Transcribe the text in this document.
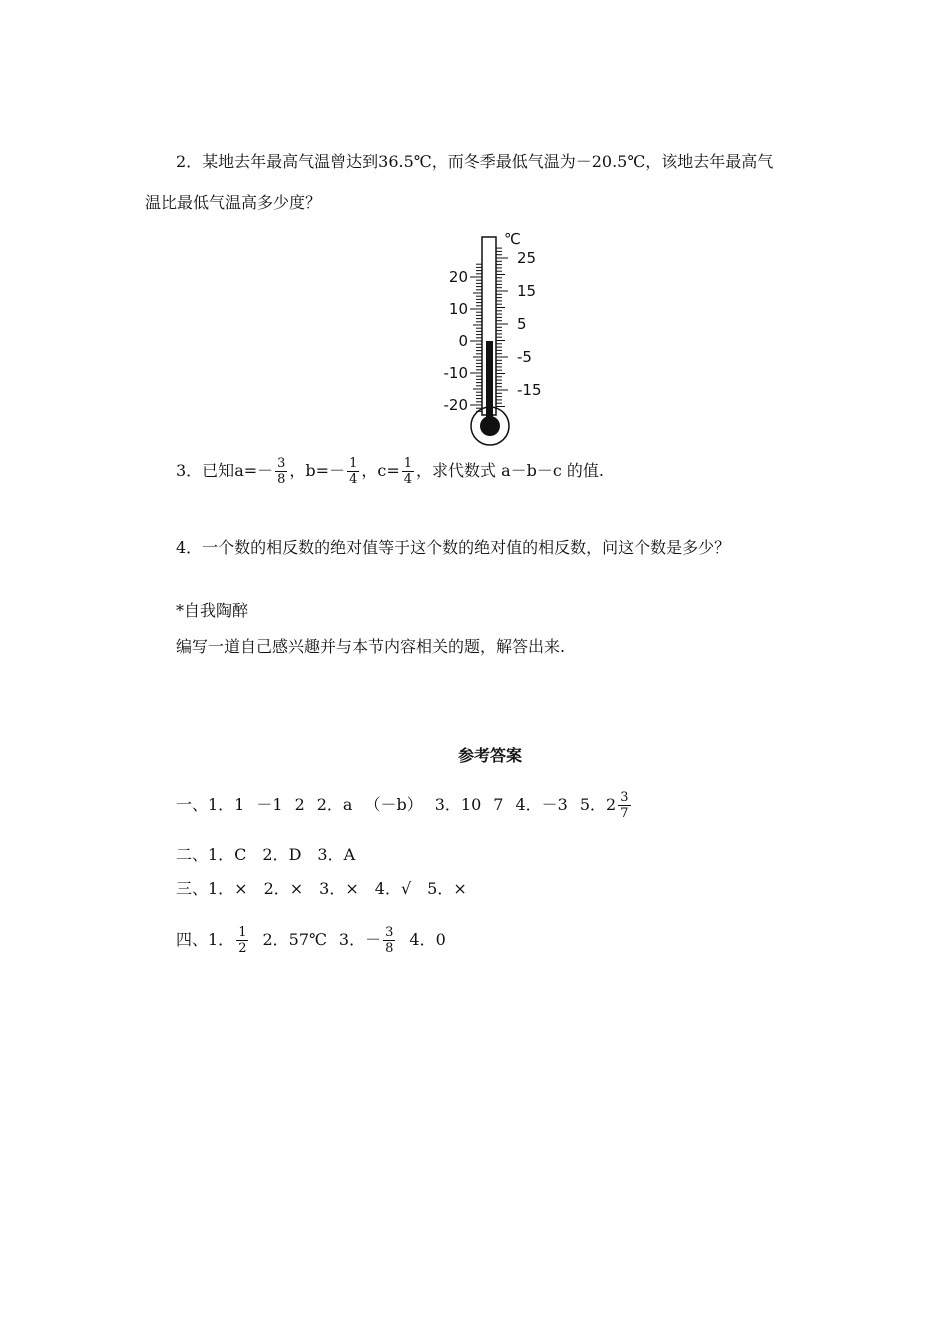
2．某地去年最高气温曾达到36.5℃，而冬季最低气温为－20.5℃，该地去年最高气
温比最低气温高多少度？
℃
20
10
0
-10
-20
25
15
5
-5
-15
3．已知$a=- \frac{3}{8}$ ，$b=- \frac{1}{4}$ ，$c= \frac{1}{4}$ ，求代数式 a－b－c 的值.
4．一个数的相反数的绝对值等于这个数的绝对值的相反数，问这个数是多少？
*自我陶醉
编写一道自己感兴趣并与本节内容相关的题，解答出来.
参考答案
一、1．1 －1 2 2．a （－b） 3．10 7 4．－3 5．$2 \frac{3}{7}$
二、1．C　2．D　3．A
三、1．×　2．×　3．×　4．√　5．×
四、1． $\frac{1}{2} 2$．57℃ 3．－ $\frac{3}{8} 4$．0
